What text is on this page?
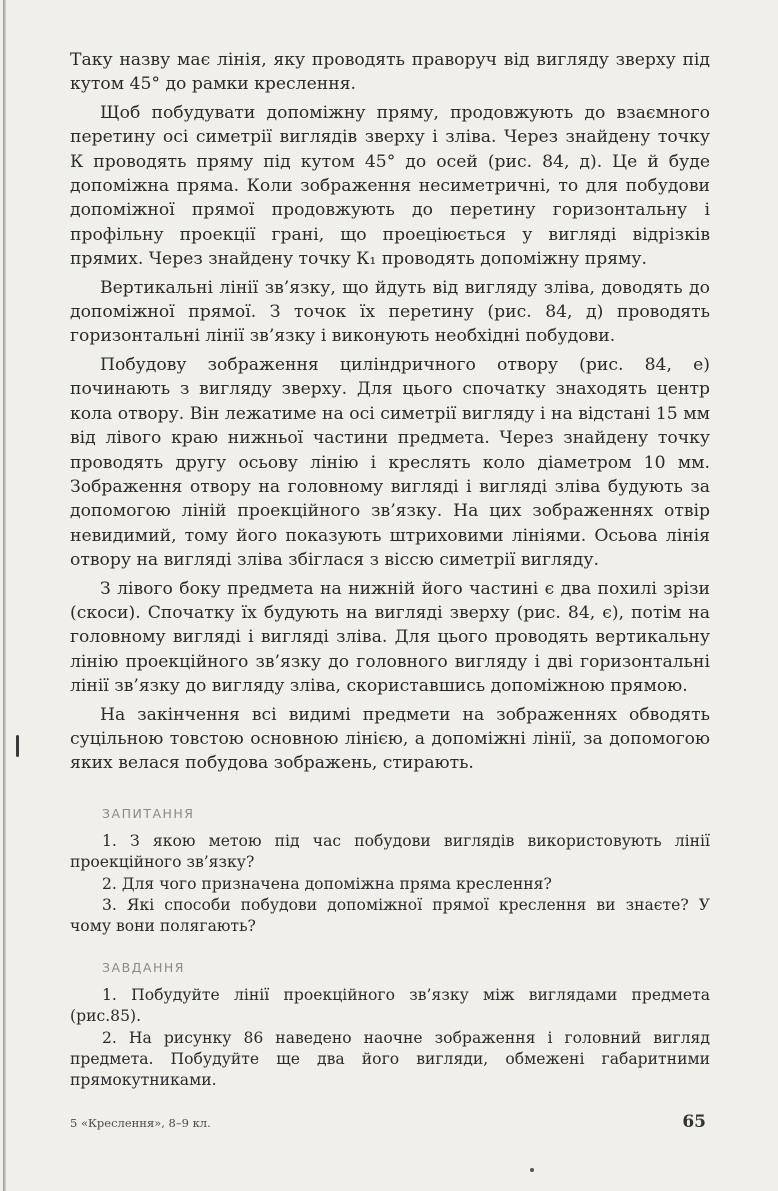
Таку назву має лінія, яку проводять праворуч від вигляду зверху під кутом 45° до рамки креслення.

Щоб побудувати допоміжну пряму, продовжують до взаємного перетину осі симетрії виглядів зверху і зліва. Через знайдену точку К проводять пряму під кутом 45° до осей (рис. 84, д). Це й буде допоміжна пряма. Коли зображення несиметричні, то для побудови допоміжної прямої продовжують до перетину горизонтальну і профільну проекції грані, що проеціюється у вигляді відрізків прямих. Через знайдену точку К₁ проводять допоміжну пряму.

Вертикальні лінії зв’язку, що йдуть від вигляду зліва, доводять до допоміжної прямої. З точок їх перетину (рис. 84, д) проводять горизонтальні лінії зв’язку і виконують необхідні побудови.

Побудову зображення циліндричного отвору (рис. 84, е) починають з вигляду зверху. Для цього спочатку знаходять центр кола отвору. Він лежатиме на осі симетрії вигляду і на відстані 15 мм від лівого краю нижньої частини предмета. Через знайдену точку проводять другу осьову лінію і креслять коло діаметром 10 мм. Зображення отвору на головному вигляді і вигляді зліва будують за допомогою ліній проекційного зв’язку. На цих зображеннях отвір невидимий, тому його показують штриховими лініями. Осьова лінія отвору на вигляді зліва збіглася з віссю симетрії вигляду.

З лівого боку предмета на нижній його частині є два похилі зрізи (скоси). Спочатку їх будують на вигляді зверху (рис. 84, є), потім на головному вигляді і вигляді зліва. Для цього проводять вертикальну лінію проекційного зв’язку до головного вигляду і дві горизонтальні лінії зв’язку до вигляду зліва, скориставшись допоміжною прямою.

На закінчення всі видимі предмети на зображеннях обводять суцільною товстою основною лінією, а допоміжні лінії, за допомогою яких велася побудова зображень, стирають.

ЗАПИТАННЯ

1. З якою метою під час побудови виглядів використовують лінії проекційного зв’язку?

2. Для чого призначена допоміжна пряма креслення?

3. Які способи побудови допоміжної прямої креслення ви знаєте? У чому вони полягають?

ЗАВДАННЯ

1. Побудуйте лінії проекційного зв’язку між виглядами предмета (рис.85).

2. На рисунку 86 наведено наочне зображення і головний вигляд предмета. Побудуйте ще два його вигляди, обмежені габаритними прямокутниками.

5 «Креслення», 8–9 кл.	65
